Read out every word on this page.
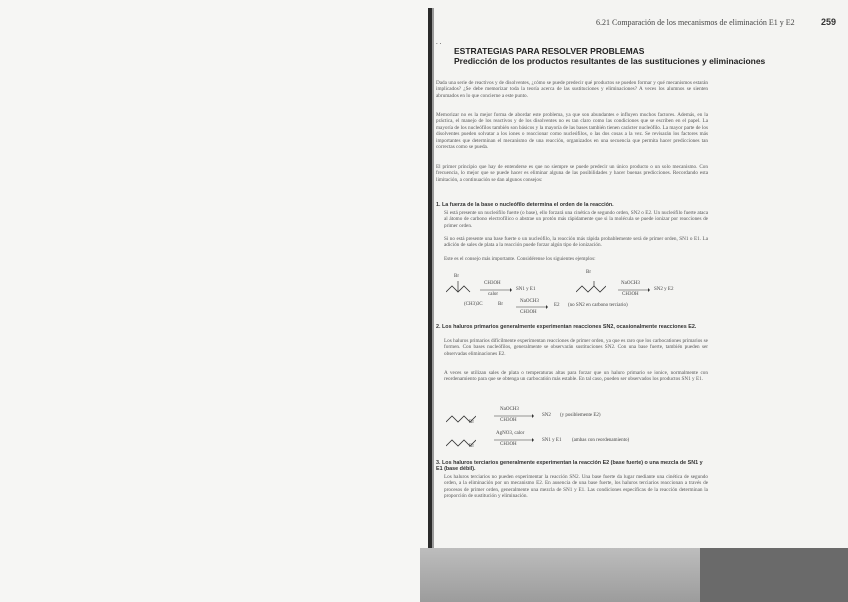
6.21 Comparación de los mecanismos de eliminación E1 y E2	259
. .
ESTRATEGIAS PARA RESOLVER PROBLEMAS
Predicción de los productos resultantes de las sustituciones y eliminaciones
Dada una serie de reactivos y de disolventes, ¿cómo se puede predecir qué productos se pueden formar y qué mecanismos estarán implicados? ¿Se debe memorizar toda la teoría acerca de las sustituciones y eliminaciones? A veces los alumnos se sienten abrumados en lo que concierne a este punto.
Memorizar no es la mejor forma de abordar este problema, ya que son abundantes e influyen muchos factores. Además, en la práctica, el manejo de los reactivos y de los disolventes no es tan claro como las condiciones que se escriben en el papel. La mayoría de los nucleófilos también son básicos y la mayoría de las bases también tienen carácter nucleófilo. La mayor parte de los disolventes pueden solvatar a los iones o reaccionar como nucleófilos, o las dos cosas a la vez. Se revisarán los factores más importantes que determinan el mecanismo de una reacción, organizados en una secuencia que permita hacer predicciones tan correctas como se pueda.
El primer principio que hay de entenderse es que no siempre se puede predecir un único producto o un solo mecanismo. Con frecuencia, lo mejor que se puede hacer es eliminar alguna de las posibilidades y hacer buenas predicciones. Recordando esta limitación, a continuación se dan algunos consejos:
1. La fuerza de la base o nucleófilo determina el orden de la reacción.
Si está presente un nucleófilo fuerte (o base), ello forzará una cinética de segundo orden, SN2 o E2. Un nucleófilo fuerte ataca al átomo de carbono electrofílico o abstrae un protón más rápidamente que si la molécula se puede ionizar por reacciones de primer orden.
Si no está presente una base fuerte o un nucleófilo, la reacción más rápida probablemente será de primer orden, SN1 o E1. La adición de sales de plata a la reacción puede forzar algún tipo de ionización.
Este es el consejo más importante. Considérense los siguientes ejemplos:
Br
CH3OH
calor
SN1 y E1
Br
NaOCH3
CH3OH
SN2 y E2
(CH3)3C	Br
NaOCH3
CH3OH
E2 (no SN2 en carbono terciario)
2. Los haluros primarios generalmente experimentan reacciones SN2, ocasionalmente reacciones E2.
Los haluros primarios difícilmente experimentan reacciones de primer orden, ya que es raro que los carbocationes primarios se formen. Con bases nucleófilos, generalmente se observarán sustituciones SN2. Con una base fuerte, también pueden ser observadas eliminaciones E2.
A veces se utilizan sales de plata o temperaturas altas para forzar que un haluro primario se ionice, normalmente con reordenamiento para que se obtenga un carbocatión más estable. En tal caso, pueden ser observados los productos SN1 y E1.
Br
NaOCH3
CH3OH
SN2 (y posiblemente E2)
Br
AgNO3, calor
CH3OH
SN1 y E1 (ambas con reordenamiento)
3. Los haluros terciarios generalmente experimentan la reacción E2 (base fuerte) o una mezcla de SN1 y E1 (base débil).
Los haluros terciarios no pueden experimentar la reacción SN2. Una base fuerte da lugar mediante una cinética de segundo orden, a la eliminación por un mecanismo E2. En ausencia de una base fuerte, los haluros terciarios reaccionan a través de procesos de primer orden, generalmente una mezcla de SN1 y E1. Las condiciones específicas de la reacción determinan la proporción de sustitución y eliminación.
